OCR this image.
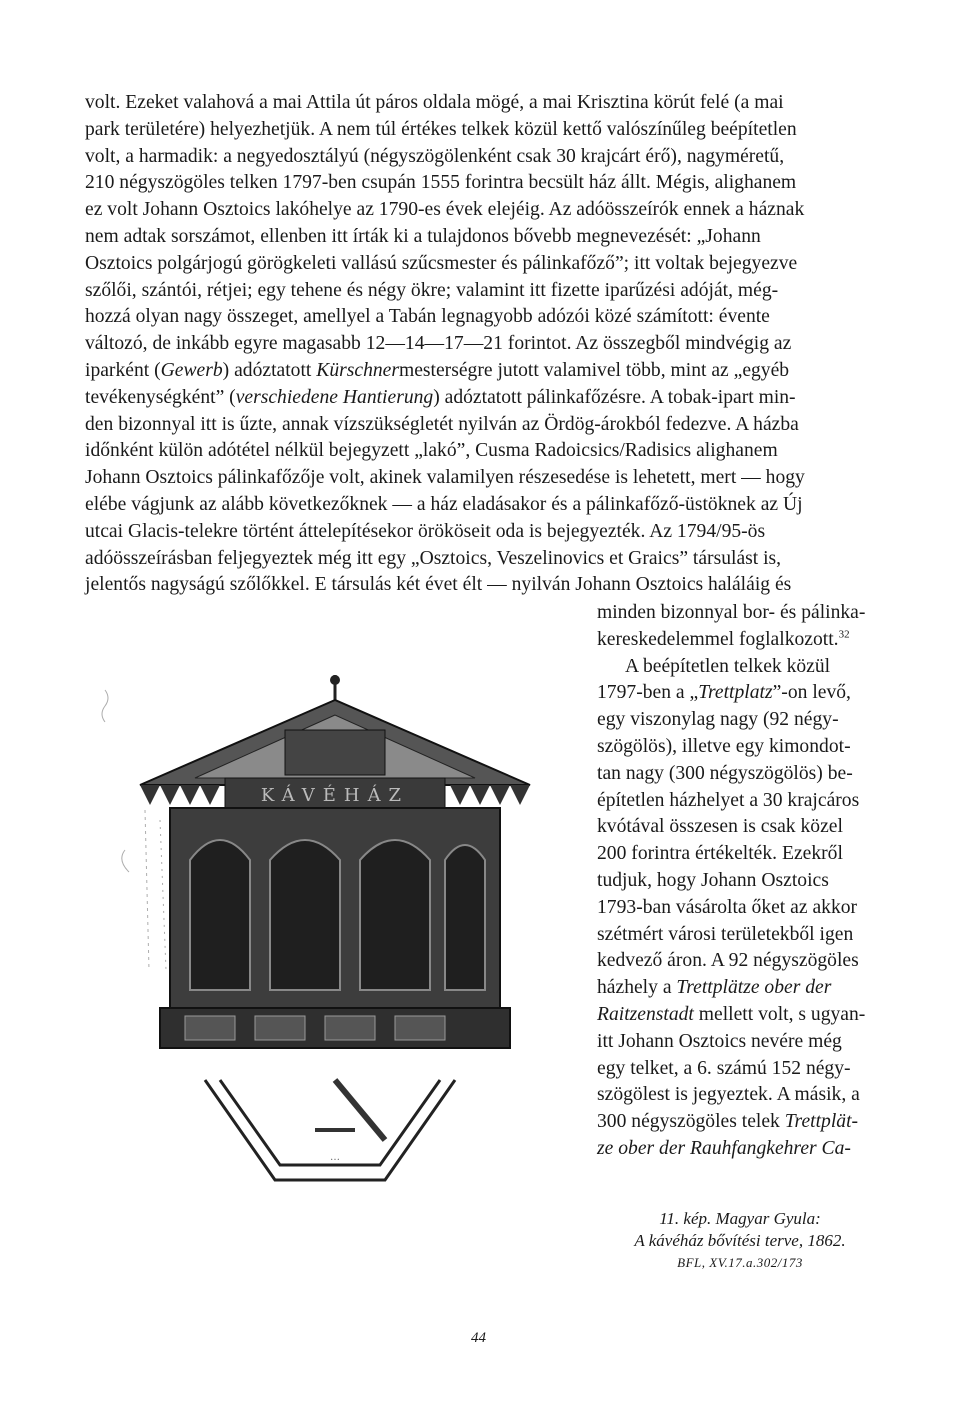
volt. Ezeket valahová a mai Attila út páros oldala mögé, a mai Krisztina körút felé (a mai
park területére) helyezhetjük. A nem túl értékes telkek közül kettő valószínűleg beépítetlen
volt, a harmadik: a negyedosztályú (négyszögölenként csak 30 krajcárt érő), nagyméretű,
210 négyszögöles telken 1797-ben csupán 1555 forintra becsült ház állt. Mégis, alighanem
ez volt Johann Osztoics lakóhelye az 1790-es évek elejéig. Az adóösszeírók ennek a háznak
nem adtak sorszámot, ellenben itt írták ki a tulajdonos bővebb megnevezését: „Johann
Osztoics polgárjogú görögkeleti vallású szűcsmester és pálinkafőző”; itt voltak bejegyezve
szőlői, szántói, rétjei; egy tehene és négy ökre; valamint itt fizette iparűzési adóját, még-
hozzá olyan nagy összeget, amellyel a Tabán legnagyobb adózói közé számított: évente
változó, de inkább egyre magasabb 12—14—17—21 forintot. Az összegből mindvégig az
iparként (Gewerb) adóztatott Kürschnermesterségre jutott valamivel több, mint az „egyéb
tevékenységként” (verschiedene Hantierung) adóztatott pálinkafőzésre. A tobak-ipart min-
den bizonnyal itt is űzte, annak vízszükségletét nyilván az Ördög-árokból fedezve. A házba
időnként külön adótétel nélkül bejegyzett „lakó”, Cusma Radoicsics/Radisics alighanem
Johann Osztoics pálinkafőzője volt, akinek valamilyen részesedése is lehetett, mert — hogy
elébe vágjunk az alább következőknek — a ház eladásakor és a pálinkafőző-üstöknek az Új
utcai Glacis-telekre történt áttelepítésekor örököseit oda is bejegyezték. Az 1794/95-ös
adóösszeírásban feljegyeztek még itt egy „Osztoics, Veszelinovics et Graics” társulást is,
jelentős nagyságú szőlőkkel. E társulás két évet élt — nyilván Johann Osztoics haláláig és

minden bizonnyal bor- és pálinka-

kereskedelemmel foglalkozott.$^{32}$

A beépítetlen telkek közül

1797-ben a „Trettplatz”-on levő,

egy viszonylag nagy (92 négy-

szögölös), illetve egy kimondot-

tan nagy (300 négyszögölös) be-

építetlen házhelyet a 30 krajcáros

kvótával összesen is csak közel

200 forintra értékelték. Ezekről

tudjuk, hogy Johann Osztoics

1793-ban vásárolta őket az akkor

szétmért városi területekből igen

kedvező áron. A 92 négyszögöles

házhely a Trettplätze ober der

Raitzenstadt mellett volt, s ugyan-

itt Johann Osztoics nevére még

egy telket, a 6. számú 152 négy-

szögölest is jegyeztek. A másik, a

300 négyszögöles telek Trettplät-

ze ober der Rauhfangkehrer Ca-

KÁVÉHÁZ
…
11. kép. Magyar Gyula:
A kávéház bővítési terve, 1862.
BFL, XV.17.a.302/173
44
